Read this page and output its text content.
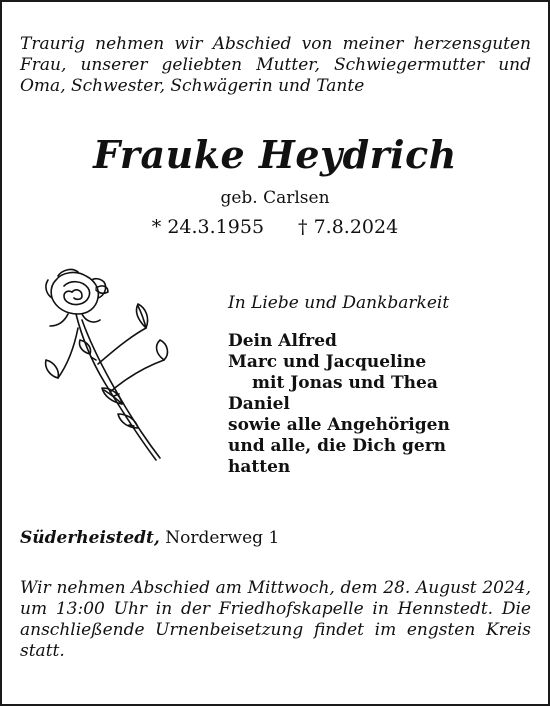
Traurig nehmen wir Abschied von meiner herzensguten Frau, unserer geliebten Mutter, Schwiegermutter und Oma, Schwester, Schwägerin und Tante
Frauke Heydrich
geb. Carlsen
* 24.3.1955 † 7.8.2024
In Liebe und Dankbarkeit
Dein Alfred
Marc und Jacqueline
mit Jonas und Thea
Daniel
sowie alle Angehörigen
und alle, die Dich gern
hatten
Süderheistedt, Norderweg 1
Wir nehmen Abschied am Mittwoch, dem 28. August 2024, um 13:00 Uhr in der Friedhofskapelle in Hennstedt. Die anschließende Urnenbeisetzung findet im engsten Kreis statt.
